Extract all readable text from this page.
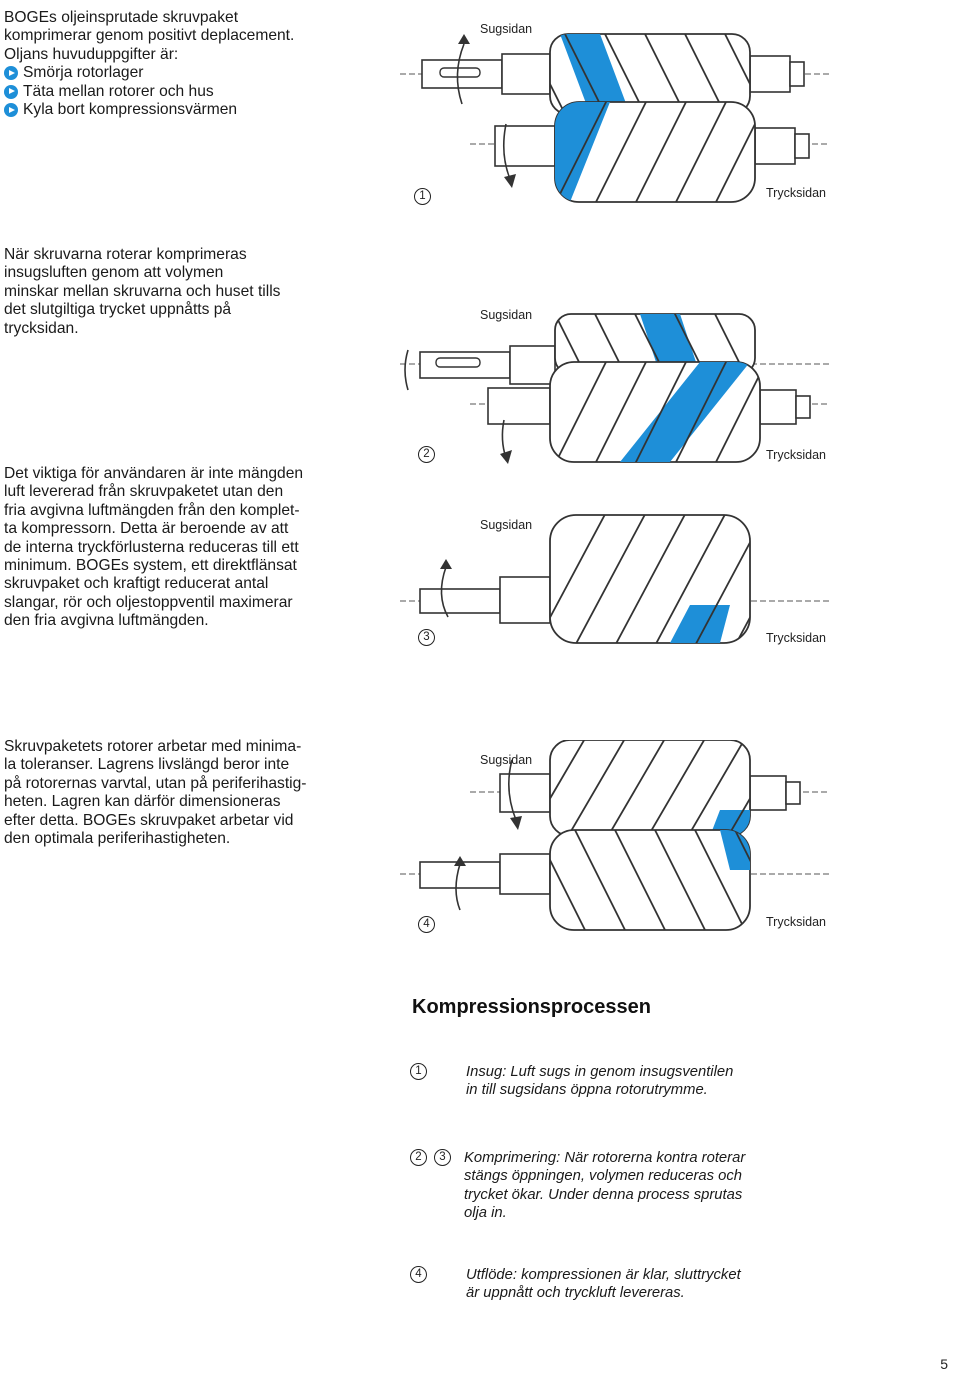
BOGEs oljeinsprutade skruvpaket
komprimerar genom positivt deplacement.
Oljans huvuduppgifter är:
Smörja rotorlager
Täta mellan rotorer och hus
Kyla bort kompressionsvärmen
När skruvarna roterar komprimeras
insugsluften genom att volymen
minskar mellan skruvarna och huset tills
det slutgiltiga trycket uppnåtts på
trycksidan.
Det viktiga för användaren är inte mängden
luft levererad från skruvpaketet utan den
fria avgivna luftmängden från den komplet-
ta kompressorn. Detta är beroende av att
de interna tryckförlusterna reduceras till ett
minimum. BOGEs system, ett direktflänsat
skruvpaket och kraftigt reducerat antal
slangar, rör och oljestoppventil maximerar
den fria avgivna luftmängden.
Skruvpaketets rotorer arbetar med minima-
la toleranser. Lagrens livslängd beror inte
på rotorernas varvtal, utan på periferihastig-
heten. Lagren kan därför dimensioneras
efter detta. BOGEs skruvpaket arbetar vid
den optimala periferihastigheten.
Sugsidan
Trycksidan
1
Sugsidan
Trycksidan
2
Sugsidan
Trycksidan
3
Sugsidan
Trycksidan
4
Kompressionsprocessen
1	Insug: Luft sugs in genom insugsventilen
in till sugsidans öppna rotorutrymme.
2	3	Komprimering: När rotorerna kontra roterar
stängs öppningen, volymen reduceras och
trycket ökar. Under denna process sprutas
olja in.
4	Utflöde: kompressionen är klar, sluttrycket
är uppnått och tryckluft levereras.
5
